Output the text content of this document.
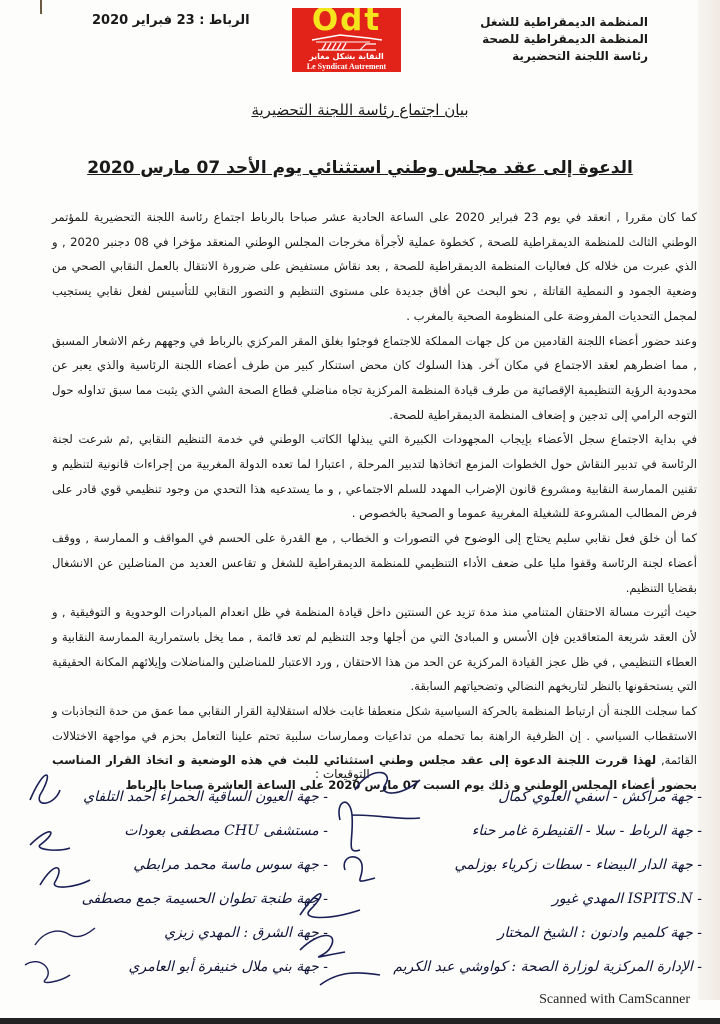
المنظمة الديمقراطية للشغل
المنظمة الديمقراطية للصحة
رئاسة اللجنة التحضيرية
Odt
النقابة بشكل مغاير
Le Syndicat Autrement
الرباط : 23 فبراير 2020
بيان اجتماع رئاسة اللجنة التحضيرية
الدعوة إلى عقد مجلس وطني استثنائي يوم الأحد 07 مارس 2020

كما كان مقررا , انعقد في يوم 23 فبراير 2020 على الساعة الحادية عشر صباحا بالرباط اجتماع رئاسة اللجنة التحضيرية للمؤتمر الوطني الثالث للمنظمة الديمقراطية للصحة , كخطوة عملية لأجرأة مخرجات المجلس الوطني المنعقد مؤخرا في 08 دجنبر 2020 , و الذي عبرت من خلاله كل فعاليات المنظمة الديمقراطية للصحة , بعد نقاش مستفيض على ضرورة الانتقال بالعمل النقابي الصحي من وضعية الجمود و النمطية القاتلة , نحو البحث عن أفاق جديدة على مستوى التنظيم و التصور النقابي للتأسيس لفعل نقابي يستجيب لمجمل التحديات المفروضة على المنظومة الصحية بالمغرب .

وعند حضور أعضاء اللجنة القادمين من كل جهات المملكة للاجتماع فوجئوا بغلق المقر المركزي بالرباط في وجههم رغم الاشعار المسبق , مما اضطرهم لعقد الاجتماع في مكان آخر. هذا السلوك كان محض استنكار كبير من طرف أعضاء اللجنة الرئاسية والذي يعبر عن محدودية الرؤية التنظيمية الإقصائية من طرف قيادة المنظمة المركزية تجاه مناضلي قطاع الصحة الشي الذي يثبت مما سبق تداوله حول التوجه الرامي إلى تدجين و إضعاف المنظمة الديمقراطية للصحة.

في بداية الاجتماع سجل الأعضاء بإيجاب المجهودات الكبيرة التي يبذلها الكاتب الوطني في خدمة التنظيم النقابي ,ثم شرعت لجنة الرئاسة في تدبير النقاش حول الخطوات المزمع اتخاذها لتدبير المرحلة , اعتبارا لما تعده الدولة المغربية من إجراءات قانونية لتنظيم و تقنين الممارسة النقابية ومشروع قانون الإضراب المهدد للسلم الاجتماعي , و ما يستدعيه هذا التحدي من وجود تنظيمي قوي قادر على فرض المطالب المشروعة للشغيلة المغربية عموما و الصحية بالخصوص .

كما أن خلق فعل نقابي سليم يحتاج إلى الوضوح في التصورات و الخطاب , مع القدرة على الحسم في المواقف و الممارسة , ووقف أعضاء لجنة الرئاسة وقفوا مليا على ضعف الأداء التنظيمي للمنظمة الديمقراطية للشغل و تقاعس العديد من المناضلين عن الانشغال بقضايا التنظيم.

حيث أثيرت مسالة الاحتقان المتنامي منذ مدة تزيد عن السنتين داخل قيادة المنظمة في ظل انعدام المبادرات الوحدوية و التوفيقية , و لأن العقد شريعة المتعاقدين فإن الأسس و المبادئ التي من أجلها وجد التنظيم لم تعد قائمة , مما يخل باستمرارية الممارسة النقابية و العطاء التنظيمي , في ظل عجز القيادة المركزية عن الحد من هذا الاحتقان , ورد الاعتبار للمناضلين والمناضلات وإيلائهم المكانة الحقيقية التي يستحقونها بالنظر لتاريخهم النضالي وتضحياتهم السابقة.

كما سجلت اللجنة أن ارتباط المنظمة بالحركة السياسية شكل منعطفا غابت خلاله استقلالية القرار النقابي مما عمق من حدة التجاذبات و الاستقطاب السياسي . إن الظرفية الراهنة بما تحمله من تداعيات وممارسات سلبية تحتم علينا التعامل بحزم في مواجهة الاختلالات القائمة, لهذا قررت اللجنة الدعوة إلى عقد مجلس وطني استثنائي للبث في هذه الوضعية و اتخاذ القرار المناسب بحضور أعضاء المجلس الوطني و ذلك يوم السبت 07 مارس 2020 على الساعة العاشرة صباحا بالرباط

التوقيعات :
- جهة مراكش - آسفي العلوي كمال
- جهة الرباط - سلا - القنيطرة غامر حناء
- جهة الدار البيضاء - سطات زكرياء بوزلمي
- ISPITS.N المهدي غيور
- جهة كلميم وادنون : الشيخ المختار
- الإدارة المركزية لوزارة الصحة : كواوشي عبد الكريم
- جهة العيون الساقية الحمراء أحمد التلفاي
- مستشفى CHU مصطفى بعودات
- جهة سوس ماسة محمد مرابطي
- جهة طنجة تطوان الحسيمة جمع مصطفى
- جهة الشرق : المهدي زيزي
- جهة بني ملال خنيفرة أبو العامري
Scanned with CamScanner
